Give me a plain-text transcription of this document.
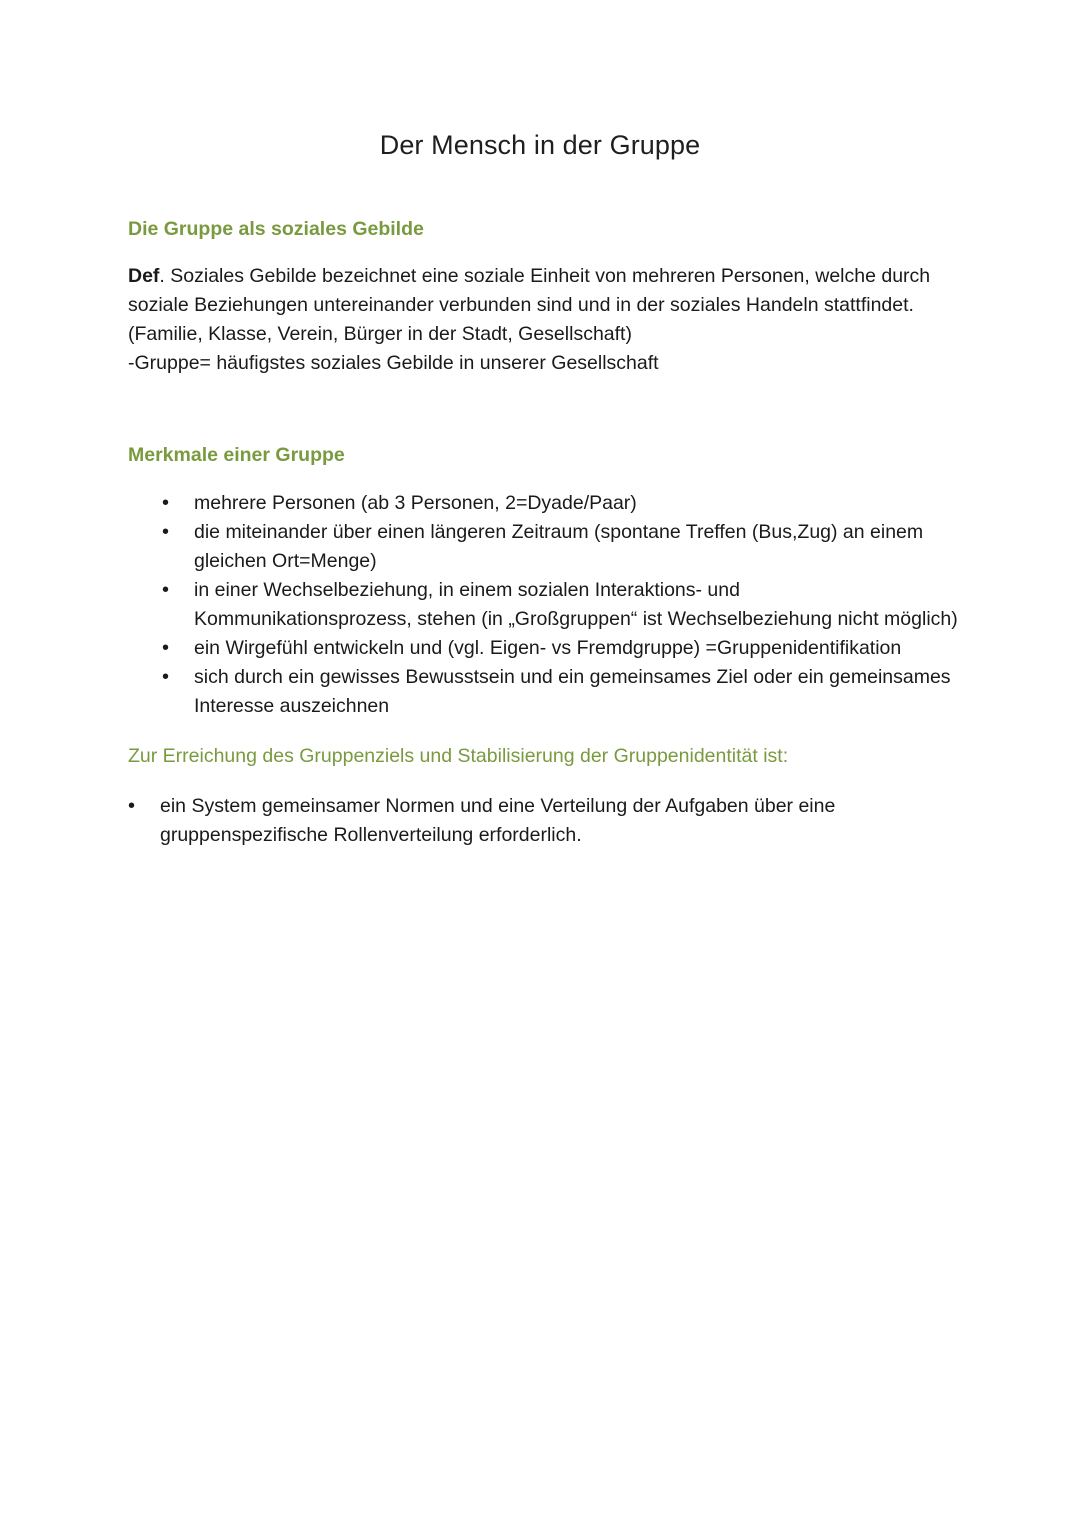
Der Mensch in der Gruppe
Die Gruppe als soziales Gebilde
Def. Soziales Gebilde bezeichnet eine soziale Einheit von mehreren Personen, welche durch soziale Beziehungen untereinander verbunden sind und in der soziales Handeln stattfindet. (Familie, Klasse, Verein, Bürger in der Stadt, Gesellschaft)
-Gruppe= häufigstes soziales Gebilde in unserer Gesellschaft
Merkmale einer Gruppe
• mehrere Personen (ab 3 Personen, 2=Dyade/Paar)
• die miteinander über einen längeren Zeitraum (spontane Treffen (Bus,Zug) an einem gleichen Ort=Menge)
• in einer Wechselbeziehung, in einem sozialen Interaktions- und Kommunikationsprozess, stehen (in „Großgruppen“ ist Wechselbeziehung nicht möglich)
• ein Wirgefühl entwickeln und (vgl. Eigen- vs Fremdgruppe) =Gruppenidentifikation
• sich durch ein gewisses Bewusstsein und ein gemeinsames Ziel oder ein gemeinsames Interesse auszeichnen
Zur Erreichung des Gruppenziels und Stabilisierung der Gruppenidentität ist:
• ein System gemeinsamer Normen und eine Verteilung der Aufgaben über eine gruppenspezifische Rollenverteilung erforderlich.
